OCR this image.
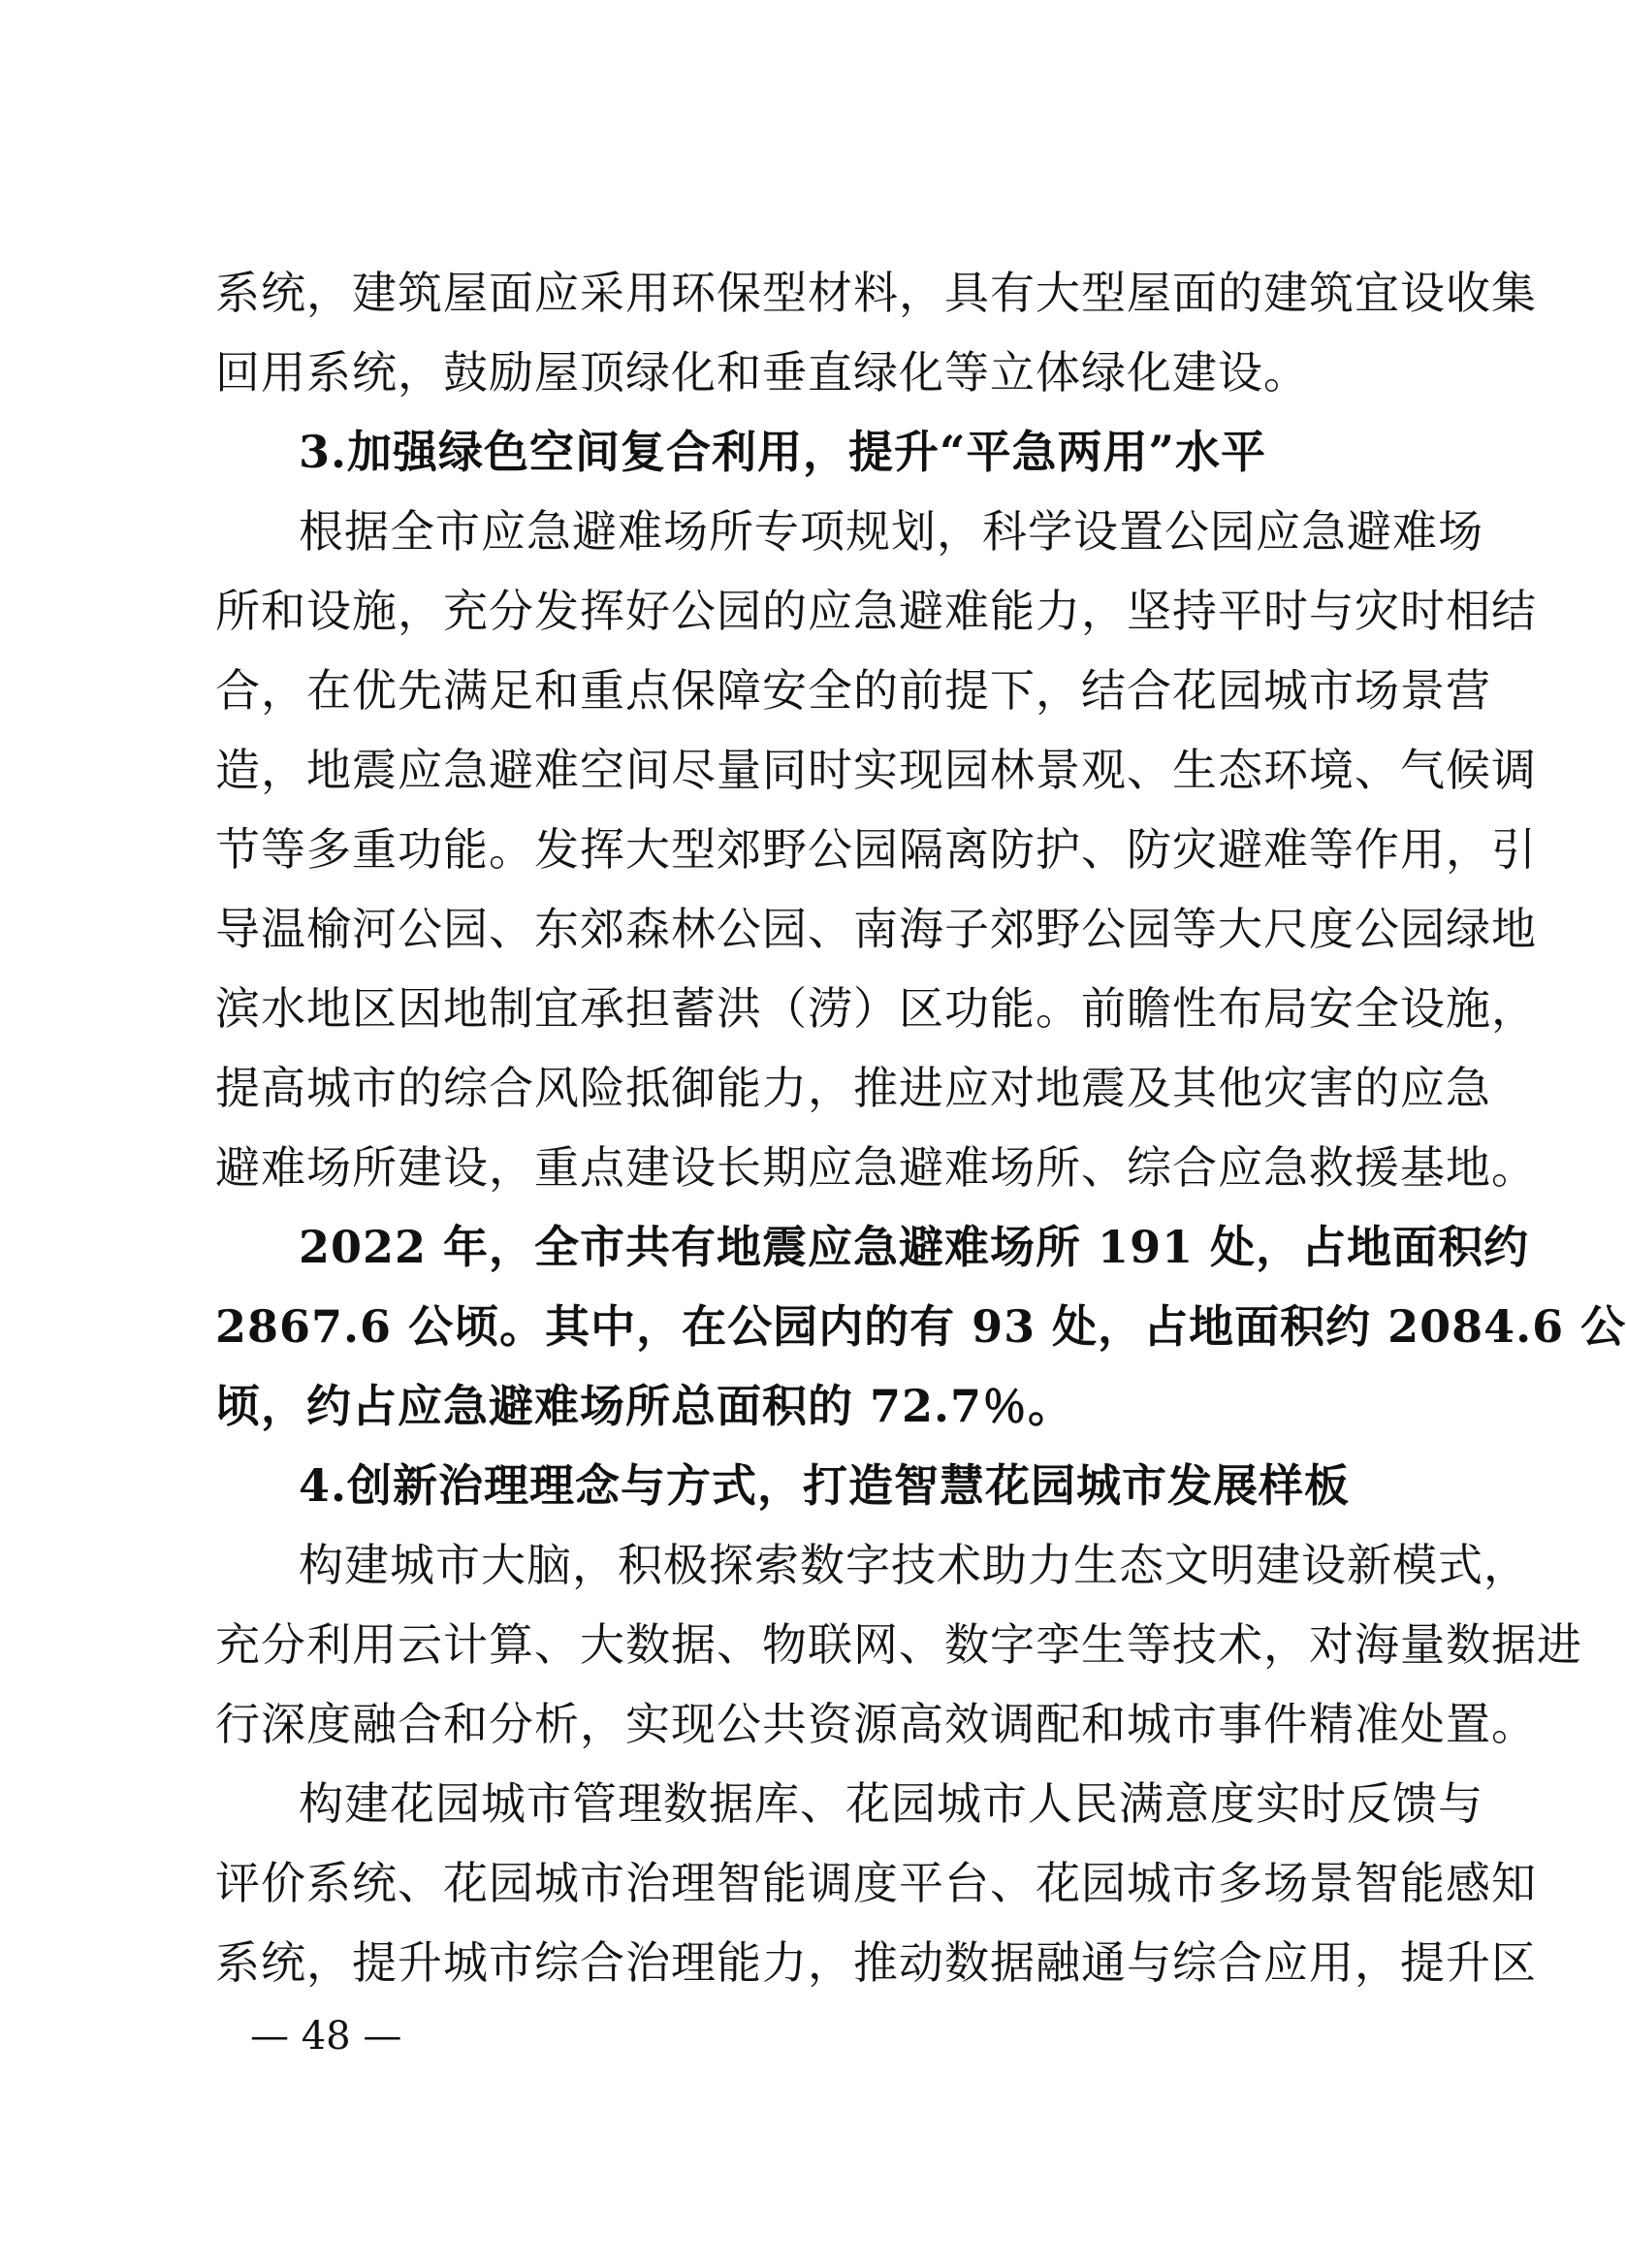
系统，建筑屋面应采用环保型材料，具有大型屋面的建筑宜设收集

回用系统，鼓励屋顶绿化和垂直绿化等立体绿化建设。

3.加强绿色空间复合利用，提升“平急两用”水平

根据全市应急避难场所专项规划，科学设置公园应急避难场

所和设施，充分发挥好公园的应急避难能力，坚持平时与灾时相结

合，在优先满足和重点保障安全的前提下，结合花园城市场景营

造，地震应急避难空间尽量同时实现园林景观、生态环境、气候调

节等多重功能。发挥大型郊野公园隔离防护、防灾避难等作用，引

导温榆河公园、东郊森林公园、南海子郊野公园等大尺度公园绿地

滨水地区因地制宜承担蓄洪（涝）区功能。前瞻性布局安全设施，

提高城市的综合风险抵御能力，推进应对地震及其他灾害的应急

避难场所建设，重点建设长期应急避难场所、综合应急救援基地。

2022 年，全市共有地震应急避难场所 191 处，占地面积约

2867.6 公顷。其中，在公园内的有 93 处，占地面积约 2084.6 公

顷，约占应急避难场所总面积的 72.7％。

4.创新治理理念与方式，打造智慧花园城市发展样板

构建城市大脑，积极探索数字技术助力生态文明建设新模式，

充分利用云计算、大数据、物联网、数字孪生等技术，对海量数据进

行深度融合和分析，实现公共资源高效调配和城市事件精准处置。

构建花园城市管理数据库、花园城市人民满意度实时反馈与

评价系统、花园城市治理智能调度平台、花园城市多场景智能感知

系统，提升城市综合治理能力，推动数据融通与综合应用，提升区

— 48 —
